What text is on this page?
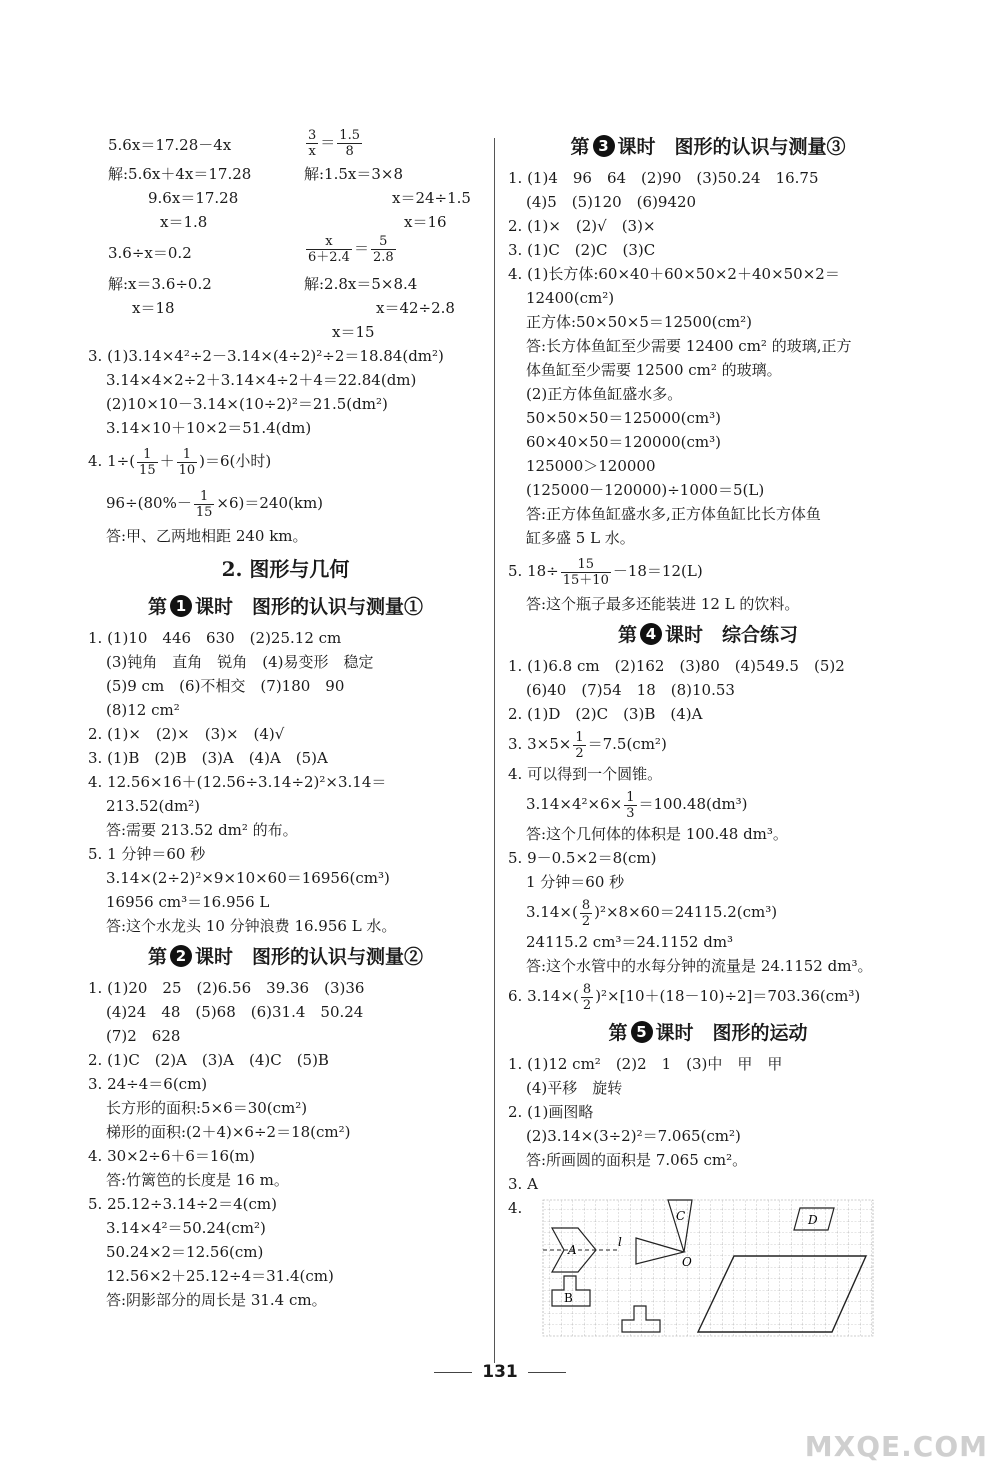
5.6x＝17.28－4x	$\frac{3}{x} = \frac{1.5}{8}$
解:5.6x＋4x＝17.28	解:1.5x＝3×8
9.6x＝17.28	x＝24÷1.5
x＝1.8	x＝16
3.6÷x＝0.2	$\frac{x}{6+2.4} = \frac{5}{2.8}$
解:x＝3.6÷0.2	解:2.8x＝5×8.4
x＝18	x＝42÷2.8
x＝15
3. (1)3.14×4²÷2－3.14×(4÷2)²÷2＝18.84(dm²)
3.14×4×2÷2＋3.14×4÷2＋4＝22.84(dm)
(2)10×10－3.14×(10÷2)²＝21.5(dm²)
3.14×10＋10×2＝51.4(dm)
4. $1\div( \frac{1}{15} + \frac{1}{10} )=6$(小时)
$96\div(80\%- \frac{1}{15} \times 6)=240(km)$
答:甲、乙两地相距 240 km。
2. 图形与几何
第 1 课时　图形的认识与测量①
1. (1)10　446　630　(2)25.12 cm
(3)钝角　直角　锐角　(4)易变形　稳定
(5)9 cm　(6)不相交　(7)180　90
(8)12 cm²
2. (1)×　(2)×　(3)×　(4)√
3. (1)B　(2)B　(3)A　(4)A　(5)A
4. 12.56×16＋(12.56÷3.14÷2)²×3.14＝
213.52(dm²)
答:需要 213.52 dm² 的布。
5. 1 分钟＝60 秒
3.14×(2÷2)²×9×10×60＝16956(cm³)
16956 cm³＝16.956 L
答:这个水龙头 10 分钟浪费 16.956 L 水。
第 2 课时　图形的认识与测量②
1. (1)20　25　(2)6.56　39.36　(3)36
(4)24　48　(5)68　(6)31.4　50.24
(7)2　628
2. (1)C　(2)A　(3)A　(4)C　(5)B
3. 24÷4＝6(cm)
长方形的面积:5×6＝30(cm²)
梯形的面积:(2＋4)×6÷2＝18(cm²)
4. 30×2÷6＋6＝16(m)
答:竹篱笆的长度是 16 m。
5. 25.12÷3.14÷2＝4(cm)
3.14×4²＝50.24(cm²)
50.24×2＝12.56(cm)
12.56×2＋25.12÷4＝31.4(cm)
答:阴影部分的周长是 31.4 cm。
第 3 课时　图形的认识与测量③
1. (1)4　96　64　(2)90　(3)50.24　16.75
(4)5　(5)120　(6)9420
2. (1)×　(2)√　(3)×
3. (1)C　(2)C　(3)C
4. (1)长方体:60×40＋60×50×2＋40×50×2＝
12400(cm²)
正方体:50×50×5＝12500(cm²)
答:长方体鱼缸至少需要 12400 cm² 的玻璃,正方
体鱼缸至少需要 12500 cm² 的玻璃。
(2)正方体鱼缸盛水多。
50×50×50＝125000(cm³)
60×40×50＝120000(cm³)
125000＞120000
(125000－120000)÷1000＝5(L)
答:正方体鱼缸盛水多,正方体鱼缸比长方体鱼
缸多盛 5 L 水。
5. $18\div \frac{15}{15+10} -18=12(L)$
答:这个瓶子最多还能装进 12 L 的饮料。
第 4 课时　综合练习
1. (1)6.8 cm　(2)162　(3)80　(4)549.5　(5)2
(6)40　(7)54　18　(8)10.53
2. (1)D　(2)C　(3)B　(4)A
3. $3\times 5\times \frac{1}{2} =7.5(cm^2)$
4. 可以得到一个圆锥。
$3.14\times 4^2\times 6\times \frac{1}{3} =100.48(dm^3)$
答:这个几何体的体积是 100.48 dm³。
5. 9－0.5×2＝8(cm)
1 分钟＝60 秒
$3.14\times( \frac{8}{2} )^2\times 8\times 60=24115.2(cm^3)$
24115.2 cm³＝24.1152 dm³
答:这个水管中的水每分钟的流量是 24.1152 dm³。
6. $3.14\times( \frac{8}{2} )^2\times[10+(18-10)\div 2]=703.36(cm^3)$
第 5 课时　图形的运动
1. (1)12 cm²　(2)2　1　(3)中　甲　甲
(4)平移　旋转
2. (1)画图略
(2)3.14×(3÷2)²＝7.065(cm²)
答:所画圆的面积是 7.065 cm²。
3. A
4.
A
l
B
C
O
D
131
MXQE.COM
